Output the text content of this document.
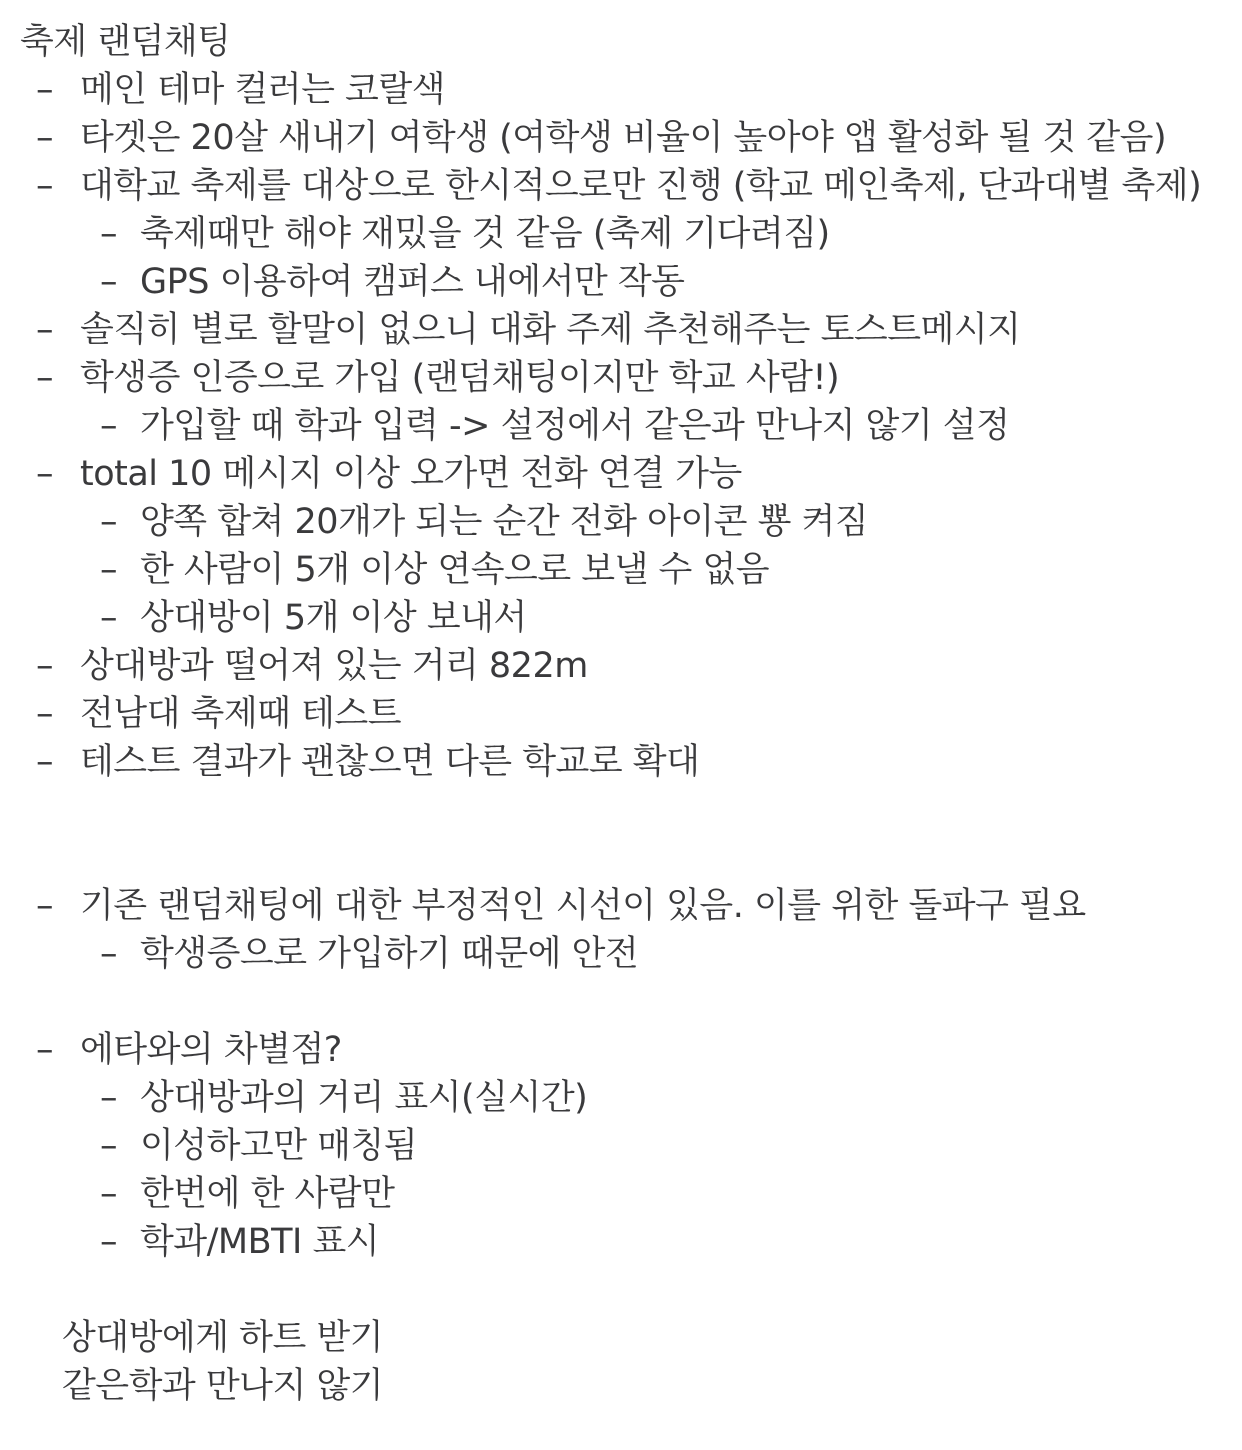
축제 랜덤채팅
– 메인 테마 컬러는 코랄색
– 타겟은 20살 새내기 여학생 (여학생 비율이 높아야 앱 활성화 될 것 같음)
– 대학교 축제를 대상으로 한시적으로만 진행 (학교 메인축제, 단과대별 축제)
– 축제때만 해야 재밌을 것 같음 (축제 기다려짐)
– GPS 이용하여 캠퍼스 내에서만 작동
– 솔직히 별로 할말이 없으니 대화 주제 추천해주는 토스트메시지
– 학생증 인증으로 가입 (랜덤채팅이지만 학교 사람!)
– 가입할 때 학과 입력 -> 설정에서 같은과 만나지 않기 설정
– total 10 메시지 이상 오가면 전화 연결 가능
– 양쪽 합쳐 20개가 되는 순간 전화 아이콘 뿅 켜짐
– 한 사람이 5개 이상 연속으로 보낼 수 없음
– 상대방이 5개 이상 보내서
– 상대방과 떨어져 있는 거리 822m
– 전남대 축제때 테스트
– 테스트 결과가 괜찮으면 다른 학교로 확대
– 기존 랜덤채팅에 대한 부정적인 시선이 있음. 이를 위한 돌파구 필요
– 학생증으로 가입하기 때문에 안전
– 에타와의 차별점?
– 상대방과의 거리 표시(실시간)
– 이성하고만 매칭됨
– 한번에 한 사람만
– 학과/MBTI 표시
상대방에게 하트 받기
같은학과 만나지 않기
